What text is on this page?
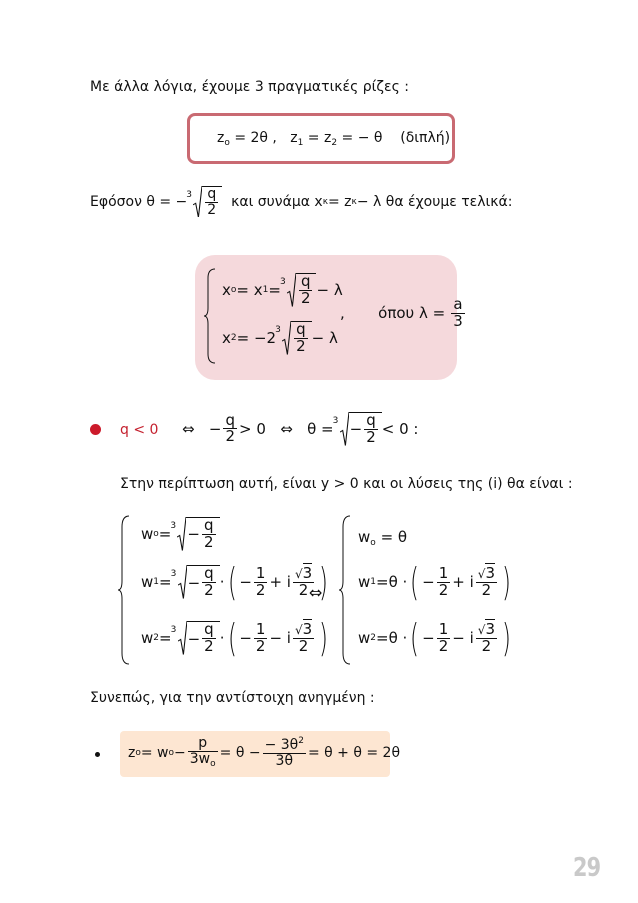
Με άλλα λόγια, έχουμε 3 πραγματικές ρίζες :
$z_o = 2\theta$ , $z_1 = z_2$ = − θ (διπλή)
Εφόσον θ = − $3 \frac{q}{2}$
και συνάμα x κ = z κ − λ θα έχουμε τελικά:
x o = x $1 = 3 \frac{q}{2} - \lambda$
x 2 = −2 $3 \frac{q}{2} - \lambda$
,       όπου $\lambda = \frac{a}{3}$
q < 0 ⇔
− $\frac{q}{2} > 0$
⇔
$\theta = 3 - \frac{q}{2} < 0$ :
Στην περίπτωση αυτή, είναι y > 0 και οι λύσεις της (i) θα είναι :
w $o = 3 - \frac{q}{2}$
w $1 = 3 - \frac{q}{2}$ · ( − $\frac{1}{2} + i \frac{√3}{2}$ )
w $2 = 3 - \frac{q}{2}$ · ( − $\frac{1}{2} - i \frac{√3}{2}$ )
⇔
$w_o = \theta$
w 1 = θ · ( − $\frac{1}{2} + i \frac{√3}{2}$ )
w 2 = θ · ( − $\frac{1}{2} - i \frac{√3}{2}$ )
Συνεπώς, για την αντίστοιχη ανηγμένη :
z o = w $o - \frac{p}{3w_o} = \theta - \frac{- 3\theta^2}{3\theta} = \theta + \theta = 2\theta$
29
